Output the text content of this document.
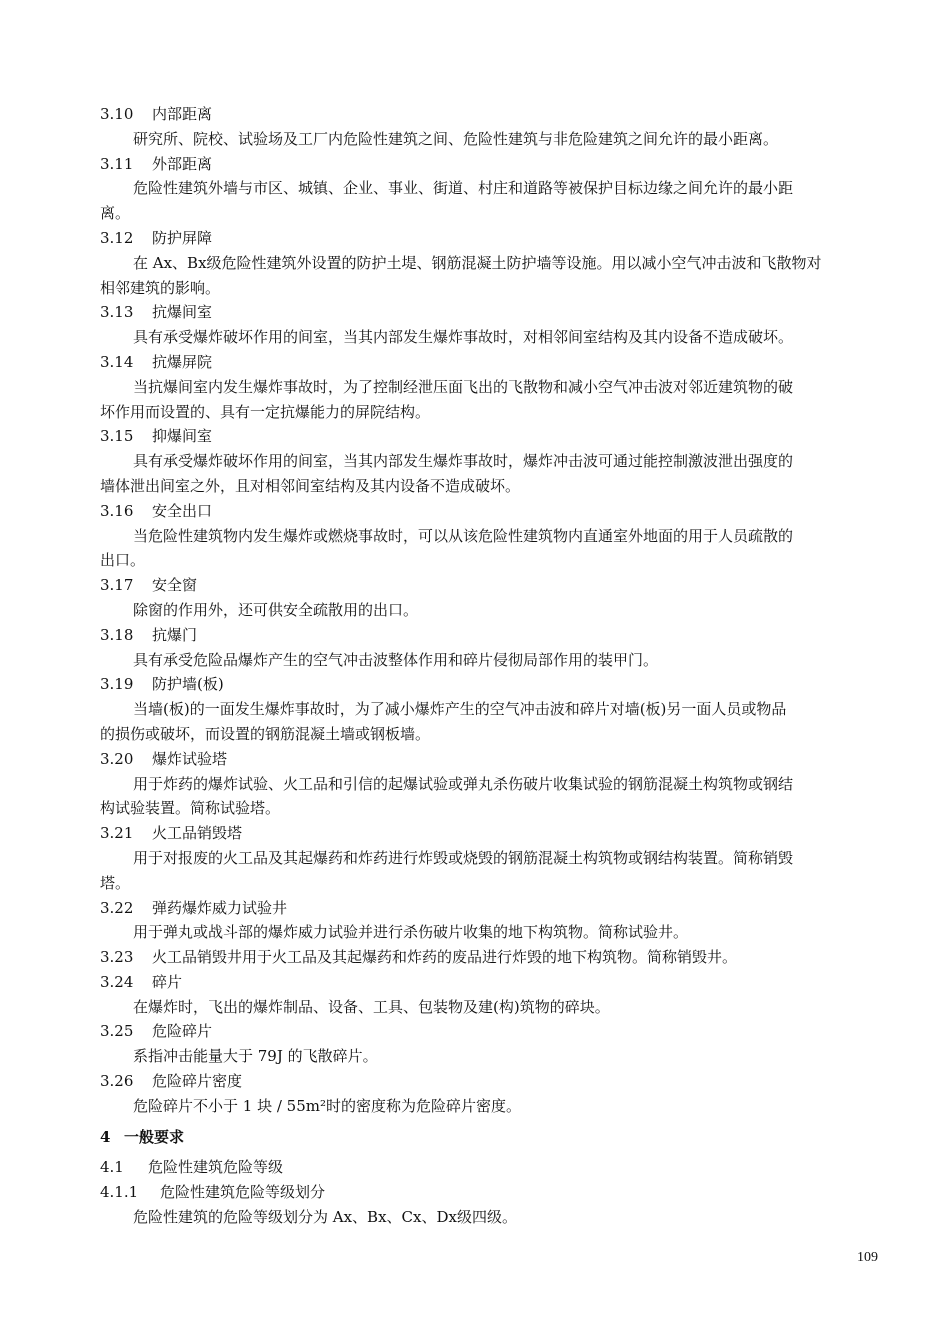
3.10 内部距离
研究所、院校、试验场及工厂内危险性建筑之间、危险性建筑与非危险建筑之间允许的最小距离。
3.11 外部距离
危险性建筑外墙与市区、城镇、企业、事业、街道、村庄和道路等被保护目标边缘之间允许的最小距
离。
3.12 防护屏障
在 Ax、Bx级危险性建筑外设置的防护土堤、钢筋混凝土防护墙等设施。用以减小空气冲击波和飞散物对
相邻建筑的影响。
3.13 抗爆间室
具有承受爆炸破坏作用的间室，当其内部发生爆炸事故时，对相邻间室结构及其内设备不造成破坏。
3.14 抗爆屏院
当抗爆间室内发生爆炸事故时，为了控制经泄压面飞出的飞散物和减小空气冲击波对邻近建筑物的破
坏作用而设置的、具有一定抗爆能力的屏院结构。
3.15 抑爆间室
具有承受爆炸破坏作用的间室，当其内部发生爆炸事故时，爆炸冲击波可通过能控制激波泄出强度的
墙体泄出间室之外，且对相邻间室结构及其内设备不造成破坏。
3.16 安全出口
当危险性建筑物内发生爆炸或燃烧事故时，可以从该危险性建筑物内直通室外地面的用于人员疏散的
出口。
3.17 安全窗
除窗的作用外，还可供安全疏散用的出口。
3.18 抗爆门
具有承受危险品爆炸产生的空气冲击波整体作用和碎片侵彻局部作用的装甲门。
3.19 防护墙(板)
当墙(板)的一面发生爆炸事故时，为了减小爆炸产生的空气冲击波和碎片对墙(板)另一面人员或物品
的损伤或破坏，而设置的钢筋混凝土墙或钢板墙。
3.20 爆炸试验塔
用于炸药的爆炸试验、火工品和引信的起爆试验或弹丸杀伤破片收集试验的钢筋混凝土构筑物或钢结
构试验装置。简称试验塔。
3.21 火工品销毁塔
用于对报废的火工品及其起爆药和炸药进行炸毁或烧毁的钢筋混凝土构筑物或钢结构装置。简称销毁
塔。
3.22 弹药爆炸威力试验井
用于弹丸或战斗部的爆炸威力试验并进行杀伤破片收集的地下构筑物。简称试验井。
3.23 火工品销毁井用于火工品及其起爆药和炸药的废品进行炸毁的地下构筑物。简称销毁井。
3.24 碎片
在爆炸时，飞出的爆炸制品、设备、工具、包装物及建(构)筑物的碎块。
3.25 危险碎片
系指冲击能量大于 79J 的飞散碎片。
3.26 危险碎片密度
危险碎片不小于 1 块 / 55m²时的密度称为危险碎片密度。
4 一般要求
4.1 危险性建筑危险等级
4.1.1 危险性建筑危险等级划分
危险性建筑的危险等级划分为 Ax、Bx、Cx、Dx级四级。
109
